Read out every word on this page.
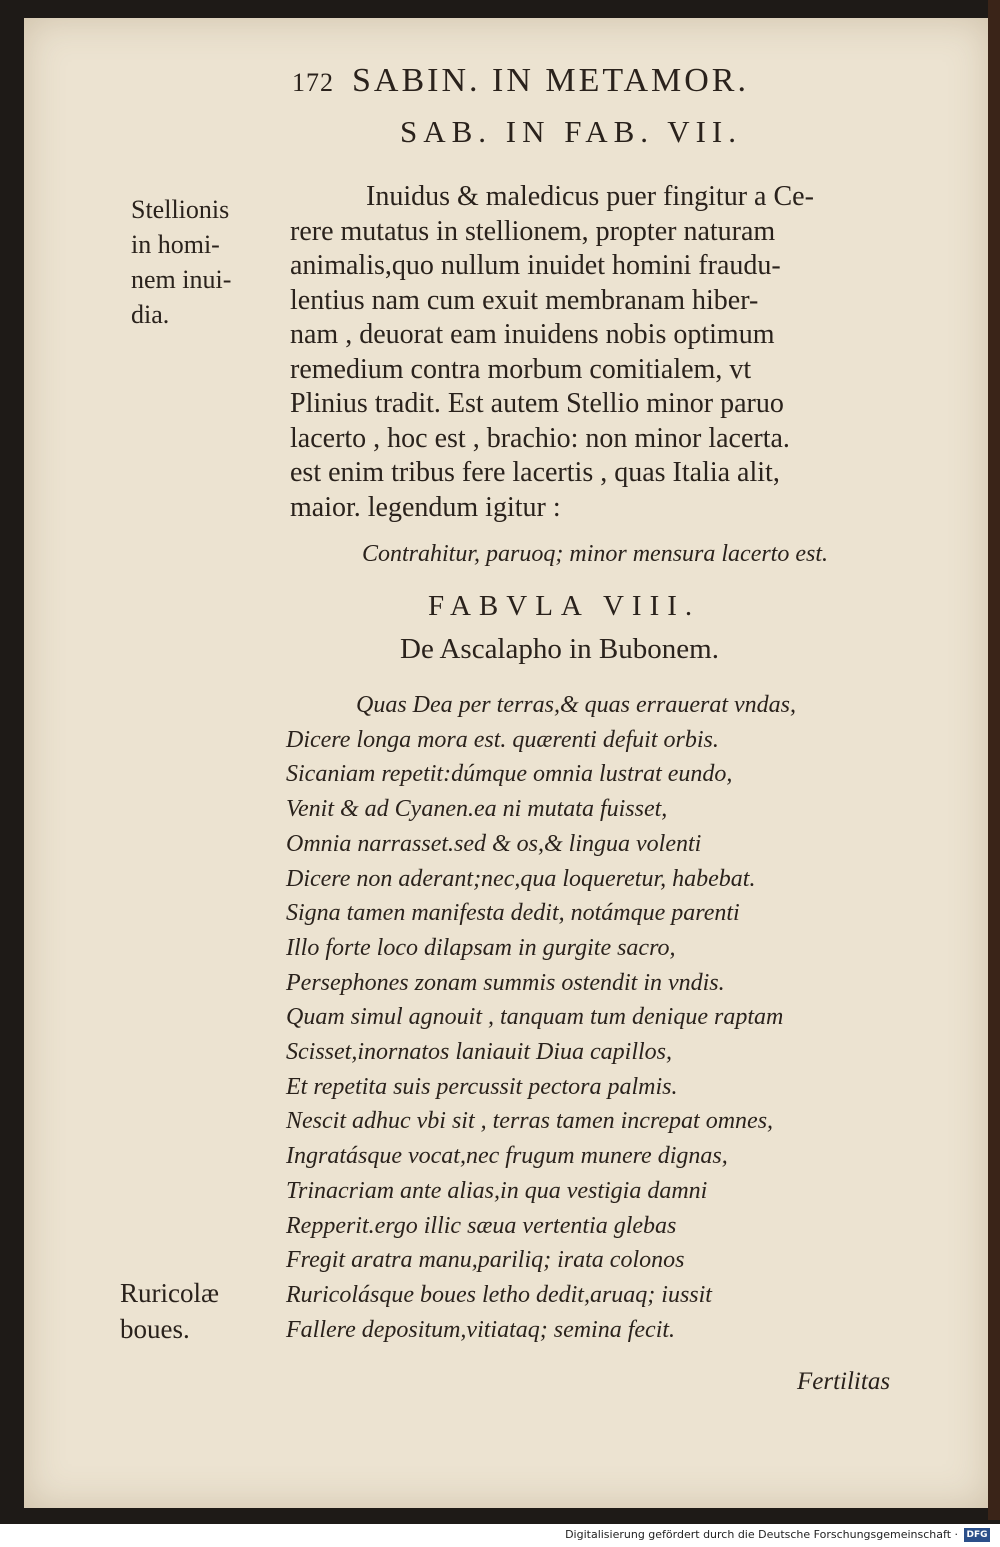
172 SABIN. IN METAMOR.
SAB. IN FAB. VII.
Stellionis
in homi-
nem inui-
dia.
Inuidus & maledicus puer fingitur a Ce-
rere mutatus in stellionem, propter naturam
animalis,quo nullum inuidet homini fraudu-
lentius nam cum exuit membranam hiber-
nam , deuorat eam inuidens nobis optimum
remedium contra morbum comitialem, vt
Plinius tradit. Est autem Stellio minor paruo
lacerto , hoc est , brachio: non minor lacerta.
est enim tribus fere lacertis , quas Italia alit,
maior. legendum igitur :
Contrahitur, paruoq; minor mensura lacerto est.
FABVLA VIII.
De Ascalapho in Bubonem.
Quas Dea per terras,& quas errauerat vndas,
Dicere longa mora est. quærenti defuit orbis.
Sicaniam repetit:dúmque omnia lustrat eundo,
Venit & ad Cyanen.ea ni mutata fuisset,
Omnia narrasset.sed & os,& lingua volenti
Dicere non aderant;nec,qua loqueretur, habebat.
Signa tamen manifesta dedit, notámque parenti
Illo forte loco dilapsam in gurgite sacro,
Persephones zonam summis ostendit in vndis.
Quam simul agnouit , tanquam tum denique raptam
Scisset,inornatos laniauit Diua capillos,
Et repetita suis percussit pectora palmis.
Nescit adhuc vbi sit , terras tamen increpat omnes,
Ingratásque vocat,nec frugum munere dignas,
Trinacriam ante alias,in qua vestigia damni
Repperit.ergo illic sæua vertentia glebas
Fregit aratra manu,pariliq; irata colonos
Ruricolásque boues letho dedit,aruaq; iussit
Fallere depositum,vitiataq; semina fecit.
Ruricolæ
boues.
Fertilitas
Digitalisierung gefördert durch die Deutsche Forschungsgemeinschaft · DFG
